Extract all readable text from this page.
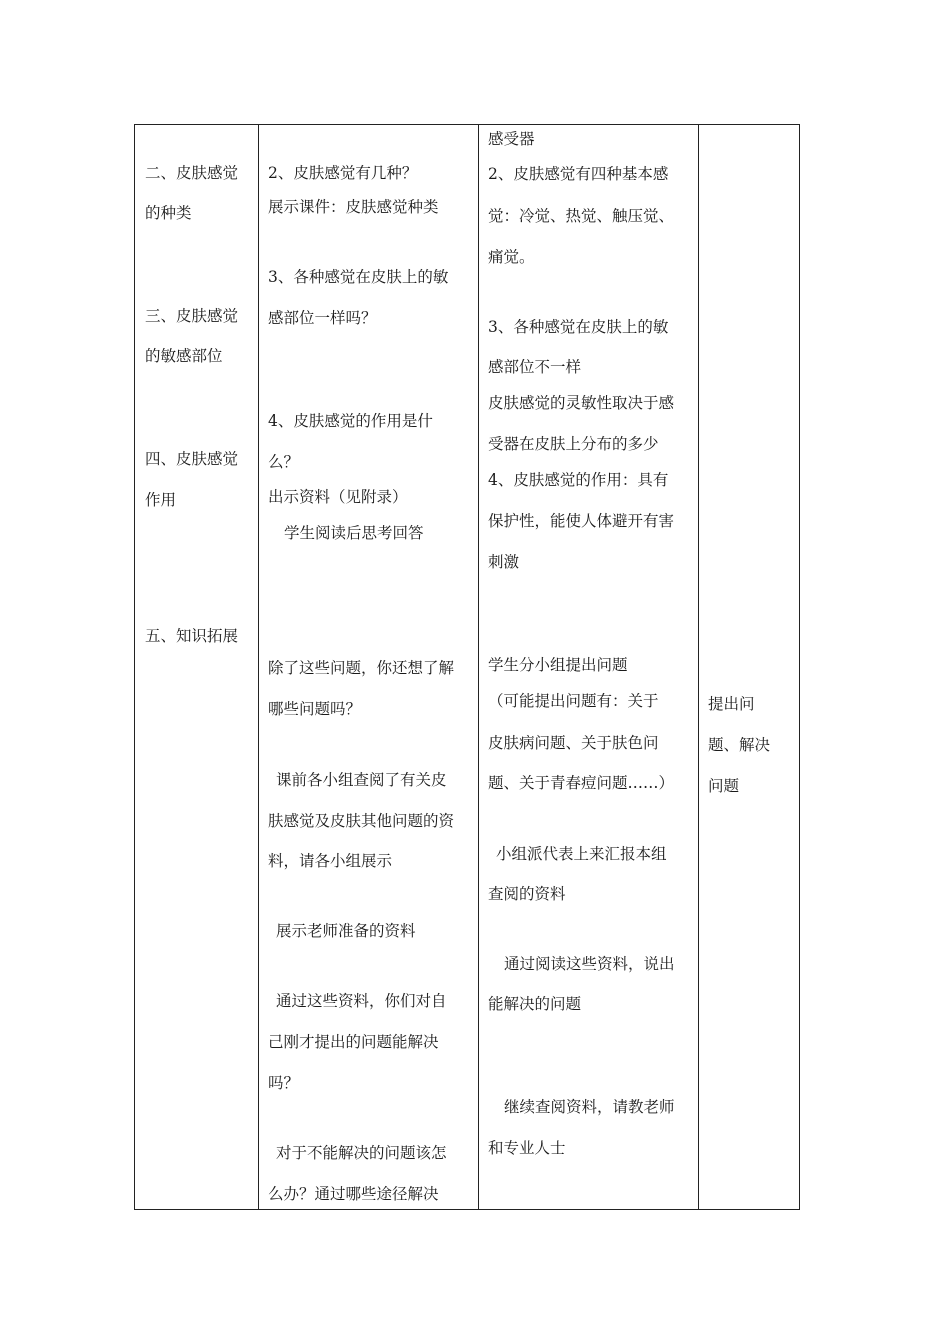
二、皮肤感觉
的种类
三、皮肤感觉
的敏感部位
四、皮肤感觉
作用
五、知识拓展
2、皮肤感觉有几种？
展示课件：皮肤感觉种类
3、各种感觉在皮肤上的敏
感部位一样吗？
4、皮肤感觉的作用是什
么？
出示资料（见附录）
学生阅读后思考回答
除了这些问题，你还想了解
哪些问题吗？
课前各小组查阅了有关皮
肤感觉及皮肤其他问题的资
料，请各小组展示
展示老师准备的资料
通过这些资料，你们对自
己刚才提出的问题能解决
吗？
对于不能解决的问题该怎
么办？通过哪些途径解决
感受器
2、皮肤感觉有四种基本感
觉：冷觉、热觉、触压觉、
痛觉。
3、各种感觉在皮肤上的敏
感部位不一样
皮肤感觉的灵敏性取决于感
受器在皮肤上分布的多少
4、皮肤感觉的作用：具有
保护性，能使人体避开有害
刺激
学生分小组提出问题
（可能提出问题有：关于
皮肤病问题、关于肤色问
题、关于青春痘问题……）
小组派代表上来汇报本组
查阅的资料
通过阅读这些资料，说出
能解决的问题
继续查阅资料，请教老师
和专业人士
提出问
题、解决
问题
